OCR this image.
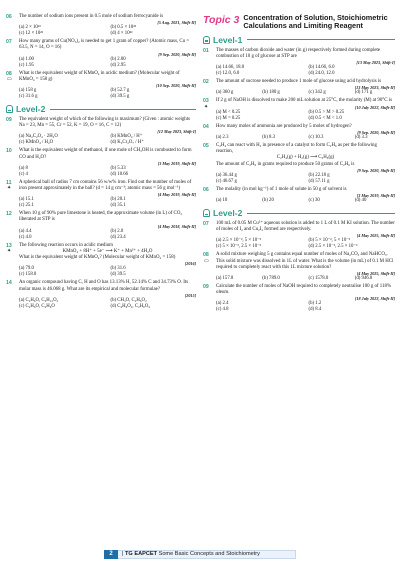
06 The number of sodium ions present in 0.5 mole of sodium ferrocyanide is
[5 Aug. 2021, Shift-II]
(a) 2 × 10²³	(b) 0.5 × 10²³
(c) 12 × 10²³	(d) 4 × 10²³
07 How many grams of Cu(NO₃)₂ is needed to get 1 gram of copper? (Atomic mass, Cu = 63.5, N = 14, O = 16)
[9 Sep. 2020, Shift-II]
(a) 1.00	(b) 2.00
(c) 1.95	(d) 2.95
08
▭
What is the equivalent weight of KMnO₄ in acidic medium? (Molecular weight of KMnO₄ = 158 g)
[10 Sep. 2020, Shift-II]
(a) 158 g	(b) 52.7 g
(c) 31.6 g	(d) 39.5 g
Level-2
09 The equivalent weight of which of the following is maximum? (Given : atomic weights Na = 23, Mn = 55, Cr = 52, K = 19, O = 16, C = 12)
[12 May 2023, Shift-I]
(a) Na₂C₂O₄ · 2H₂O	(b) KMnO₄ / H⁺
(c) KMnO₄ / H₂O	(d) K₂Cr₂O₇ / H⁺
10 What is the equivalent weight of methanol, if one mole of CH₃OH is combusted to form CO and H₂O?
[3 May 2019, Shift-II]
(a) 8	(b) 5.33
(c) 4	(d) 10.66
11
✦
A spherical ball of radius 7 cm contains 56 w/w% iron. Find out the number of moles of iron present approximately in the ball? (d = 14 g cm⁻³; atomic mass = 56 g mol⁻¹)
[4 May 2019, Shift-II]
(a) 15.1	(b) 20.1
(c) 25.1	(d) 35.1
12 When 10 g of 90% pure limestone is heated, the approximate volume (in L) of CO₂ liberated at STP is
[4 May 2018, Shift-II]
(a) 4.4	(b) 2.0
(c) 4.0	(d) 23.4
13
✦
The following reaction occurs in acidic medium
KMnO₄ + 8H⁺ + 5e⁻ ⟶ K⁺ + Mn²⁺ + 4H₂O
What is the equivalent weight of KMnO₄? (Molecular weight of KMnO₄ = 158)
[2016]
(a) 79.0	(b) 31.6
(c) 158.0	(d) 39.5
14 An organic compound having C, H and O has 13.13% H, 52.14% C and 34.73% O. Its molar mass is 46.068 g. What are its empirical and molecular formulae?
[2015]
(a) C₂H₆O, C₄H₁₂O₂	(b) CH₃O, C₂H₆O₂
(c) C₂H₆O, C₂H₆O	(d) C₄H₆O₂, C₂H₆O₄
Topic 3 Concentration of Solution, Stoichiometric Calculations and Limiting Reagent
Level-1
01 The masses of carbon dioxide and water (in g) respectively formed during complete combustion of 10 g of glucose at STP are
[13 May 2023, Shift-I]
(a) 14.66, 18.0	(b) 14.66, 6.0
(c) 12.0, 6.0	(d) 24.0, 12.0
02 The amount of sucrose needed to produce 1 mole of glucose using acid hydrolysis is
[13 May 2023, Shift-II]
(a) 360 g	(b) 180 g	(c) 342 g	(d) 171 g
03
✦
If 2 g of NaOH is dissolved to make 200 mL solution at 25°C, the molarity (M) at 90°C is
[10 July 2022, Shift-II]
(a) M < 0.25	(b) 0.5 > M > 0.25
(c) M = 0.25	(d) 0.5 < M < 1.0
04 How many moles of ammonia are produced by 5 moles of hydrogen?
[9 Sep. 2020, Shift-II]
(a) 2.3	(b) 8.3	(c) 10.3	(d) 3.3
05 C₂H₄ can react with H₂ in presence of a catalyst to form C₂H₆ as per the following reaction,
C₂H₄(g) + H₂(g) ⟶ C₂H₆(g)
The amount of C₂H₆ in grams required to produce 50 grams of C₂H₆ is
[9 Sep. 2020, Shift-II]
(a) 36.44 g	(b) 22.18 g
(c) 46.67 g	(d) 57.11 g
06 The molality (in mol kg⁻¹) of 1 mole of solute in 50 g of solvent is
[3 May 2019, Shift-II]
(a) 10	(b) 20	(c) 30	(d) 40
Level-2
07 100 mL of 0.05 M Cu²⁺ aqueous solution is added to 1 L of 0.1 M KI solution. The number of moles of I₂ and Cu₂I₂ formed are respectively.
[4 May 2025, Shift-II]
(a) 2.5 × 10⁻³, 5 × 10⁻³	(b) 5 × 10⁻³, 5 × 10⁻³
(c) 5 × 10⁻³, 2.5 × 10⁻³	(d) 2.5 × 10⁻³, 2.5 × 10⁻³
08
▭
A solid mixture weighing 5 g contains equal number of moles of Na₂CO₃ and NaHCO₃. This solid mixture was dissolved in 1L of water. What is the volume (in mL) of 0.1 M HCl required to completely react with this 1L mixture solution?
[4 May 2025, Shift-II]
(a) 157.8	(b) 789.0	(c) 1578.0	(d) 946.8
09 Calculate the number of moles of NaOH required to completely neutralise 100 g of 118% oleum.
[18 July 2022, Shift-II]
(a) 2.4	(b) 1.2
(c) 4.8	(d) 8.4
2	| TG EAPCET Some Basic Concepts and Stoichiometry
